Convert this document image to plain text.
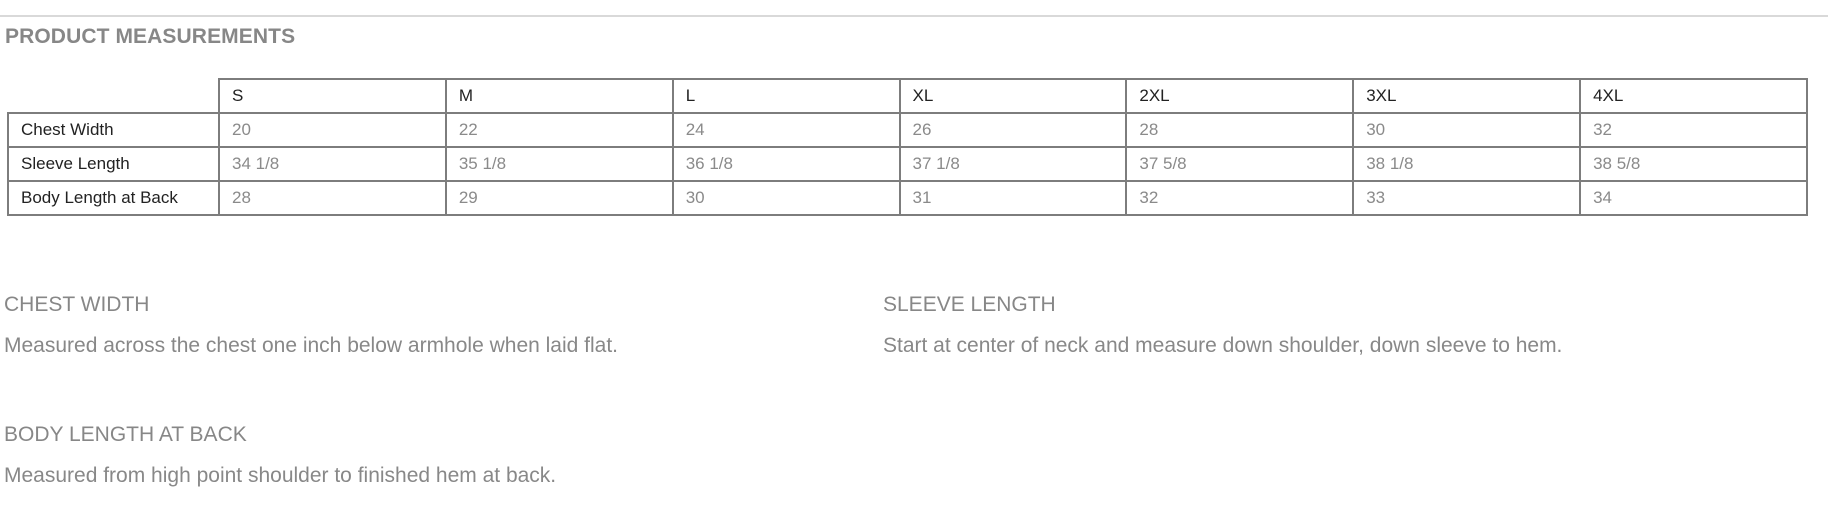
PRODUCT MEASUREMENTS
	S	M	L	XL	2XL	3XL	4XL
Chest Width	20	22	24	26	28	30	32
Sleeve Length	34 1/8	35 1/8	36 1/8	37 1/8	37 5/8	38 1/8	38 5/8
Body Length at Back	28	29	30	31	32	33	34

CHEST WIDTH

Measured across the chest one inch below armhole when laid flat.

SLEEVE LENGTH

Start at center of neck and measure down shoulder, down sleeve to hem.

BODY LENGTH AT BACK

Measured from high point shoulder to finished hem at back.
